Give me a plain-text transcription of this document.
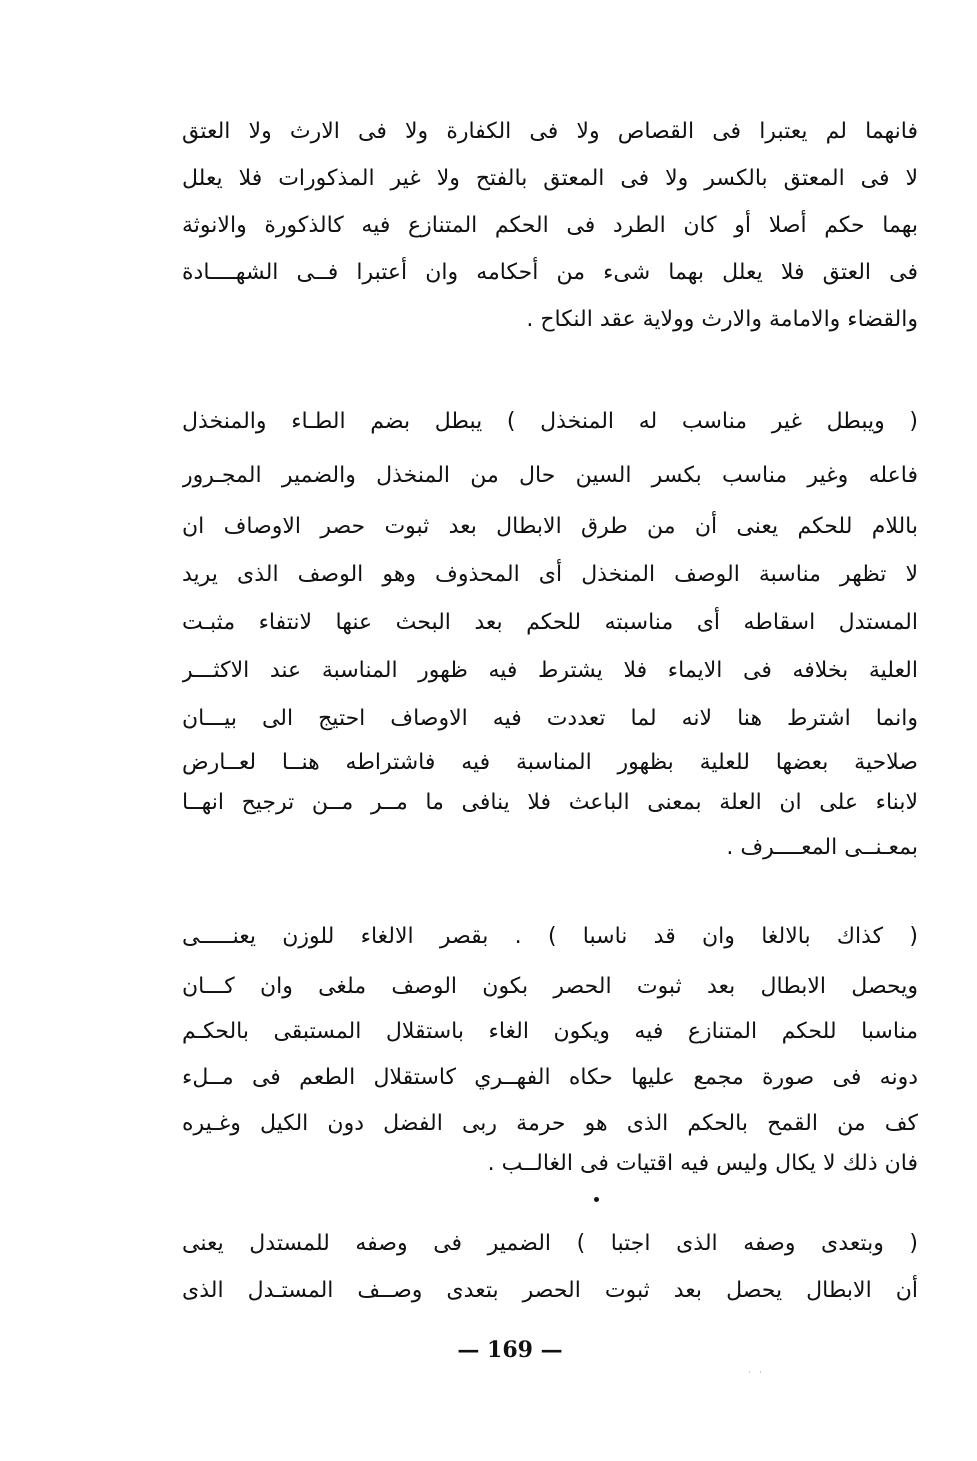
فانهما لم يعتبرا فى القصاص ولا فى الكفارة ولا فى الارث ولا العتق
لا فى المعتق بالكسر ولا فى المعتق بالفتح ولا غير المذكورات فلا يعلل
بهما حكم أصلا أو كان الطرد فى الحكم المتنازع فيه كالذكورة والانوثة
فى العتق فلا يعلل بهما شىء من أحكامه وان أعتبرا فــى الشهــــادة
والقضاء والامامة والارث وولاية عقد النكاح .
( ويبطل غير مناسب له المنخذل ) يبطل بضم الطـاء والمنخذل
فاعله وغير مناسب بكسر السين حال من المنخذل والضمير المجـرور
باللام للحكم يعنى أن من طرق الابطال بعد ثبوت حصر الاوصاف ان
لا تظهر مناسبة الوصف المنخذل أى المحذوف وهو الوصف الذى يريد
المستدل اسقاطه أى مناسبته للحكم بعد البحث عنها لانتفاء مثبـت
العلية بخلافه فى الايماء فلا يشترط فيه ظهور المناسبة عند الاكثـــر
وانما اشترط هنا لانه لما تعددت فيه الاوصاف احتيج الى بيـــان
صلاحية بعضها للعلية بظهور المناسبة فيه فاشتراطه هنــا لعــارض
لابناء على ان العلة بمعنى الباعث فلا ينافى ما مــر مــن ترجيح انهــا
بمعـنــى المعــــرف .
( كذاك بالالغا وان قد ناسبا ) . بقصر الالغاء للوزن يعنـــــى
ويحصل الابطال بعد ثبوت الحصر بكون الوصف ملغى وان كـــان
مناسبا للحكم المتنازع فيه ويكون الغاء باستقلال المستبقى بالحكـم
دونه فى صورة مجمع عليها حكاه الفهــري كاستقلال الطعم فى مــلء
كف من القمح بالحكم الذى هو حرمة ربى الفضل دون الكيل وغـيره
فان ذلك لا يكال وليس فيه اقتيات فى الغالــب .
( وبتعدى وصفه الذى اجتبا ) الضمير فى وصفه للمستدل يعنى
أن الابطال يحصل بعد ثبوت الحصر بتعدى وصــف المستـدل الذى
— 169 —
· ·
